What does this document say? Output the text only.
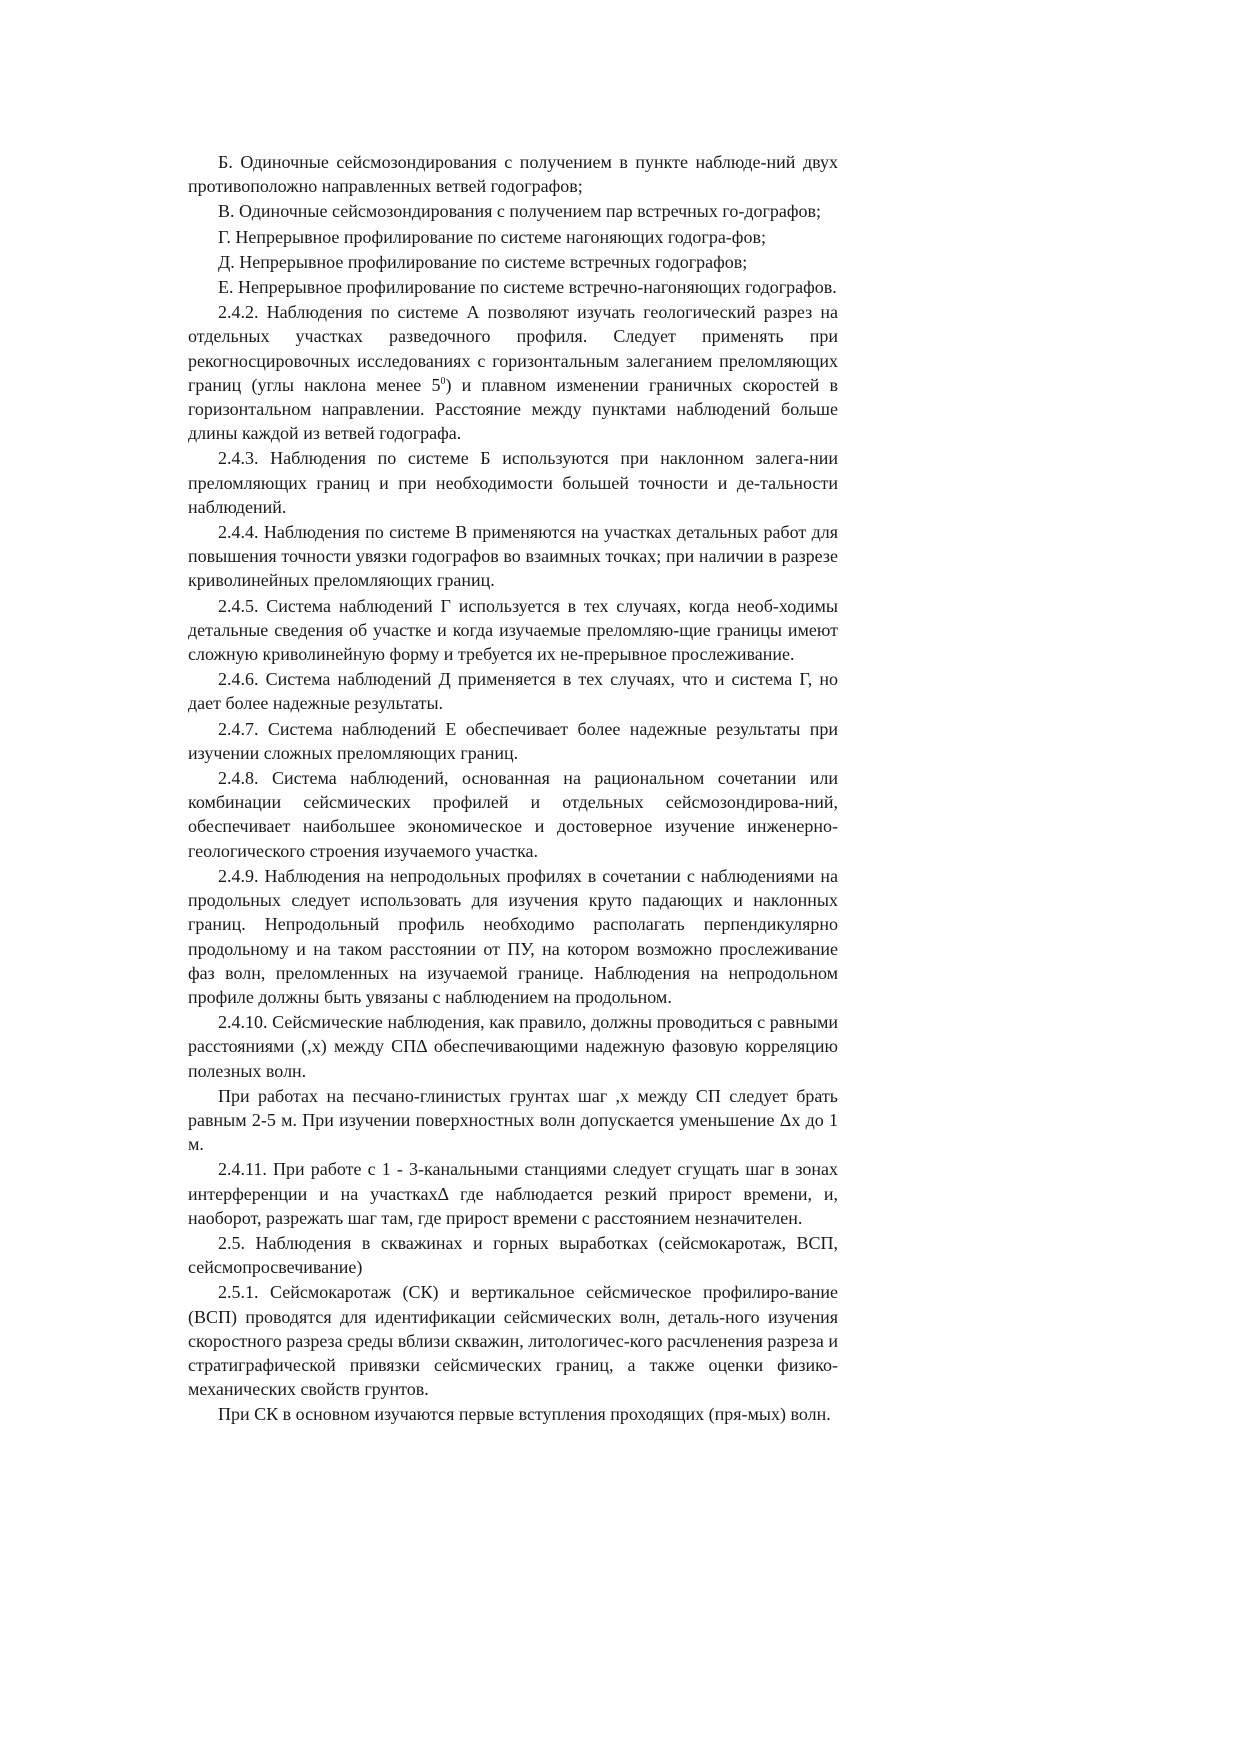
Б. Одиночные сейсмозондирования с получением в пункте наблюде-ний двух противоположно направленных ветвей годографов;

В. Одиночные сейсмозондирования с получением пар встречных го-дографов;

Г. Непрерывное профилирование по системе нагоняющих годогра-фов;

Д. Непрерывное профилирование по системе встречных годографов;

Е. Непрерывное профилирование по системе встречно-нагоняющих годографов.

2.4.2. Наблюдения по системе А позволяют изучать геологический разрез на отдельных участках разведочного профиля. Следует применять при рекогносцировочных исследованиях с горизонтальным залеганием преломляющих границ (углы наклона менее $5^0$) и плавном изменении граничных скоростей в горизонтальном направлении. Расстояние между пунктами наблюдений больше длины каждой из ветвей годографа.

2.4.3. Наблюдения по системе Б используются при наклонном залега-нии преломляющих границ и при необходимости большей точности и де-тальности наблюдений.

2.4.4. Наблюдения по системе В применяются на участках детальных работ для повышения точности увязки годографов во взаимных точках; при наличии в разрезе криволинейных преломляющих границ.

2.4.5. Система наблюдений Г используется в тех случаях, когда необ-ходимы детальные сведения об участке и когда изучаемые преломляю-щие границы имеют сложную криволинейную форму и требуется их не-прерывное прослеживание.

2.4.6. Система наблюдений Д применяется в тех случаях, что и система Г, но дает более надежные результаты.

2.4.7. Система наблюдений Е обеспечивает более надежные результаты при изучении сложных преломляющих границ.

2.4.8. Система наблюдений, основанная на рациональном сочетании или комбинации сейсмических профилей и отдельных сейсмозондирова-ний, обеспечивает наибольшее экономическое и достоверное изучение инженерно-геологического строения изучаемого участка.

2.4.9. Наблюдения на непродольных профилях в сочетании с наблюдениями на продольных следует использовать для изучения круто падающих и наклонных границ. Непродольный профиль необходимо располагать перпендикулярно продольному и на таком расстоянии от ПУ, на котором возможно прослеживание фаз волн, преломленных на изучаемой границе. Наблюдения на непродольном профиле должны быть увязаны с наблюдением на продольном.

2.4.10. Сейсмические наблюдения, как правило, должны проводиться с равными расстояниями (,x) между СПΔ обеспечивающими надежную фазовую корреляцию полезных волн.

При работах на песчано-глинистых грунтах шаг ,x между СП следует брать равным 2-5 м. При изучении поверхностных волн допускается уменьшение Δx до 1 м.

2.4.11. При работе с 1 - 3-канальными станциями следует сгущать шаг в зонах интерференции и на участкахΔ где наблюдается резкий прирост времени, и, наоборот, разрежать шаг там, где прирост времени с расстоянием незначителен.

2.5. Наблюдения в скважинах и горных выработках (сейсмокаротаж, ВСП, сейсмопросвечивание)

2.5.1. Сейсмокаротаж (СК) и вертикальное сейсмическое профилиро-вание (ВСП) проводятся для идентификации сейсмических волн, деталь-ного изучения скоростного разреза среды вблизи скважин, литологичес-кого расчленения разреза и стратиграфической привязки сейсмических границ, а также оценки физико-механических свойств грунтов.

При СК в основном изучаются первые вступления проходящих (пря-мых) волн.
